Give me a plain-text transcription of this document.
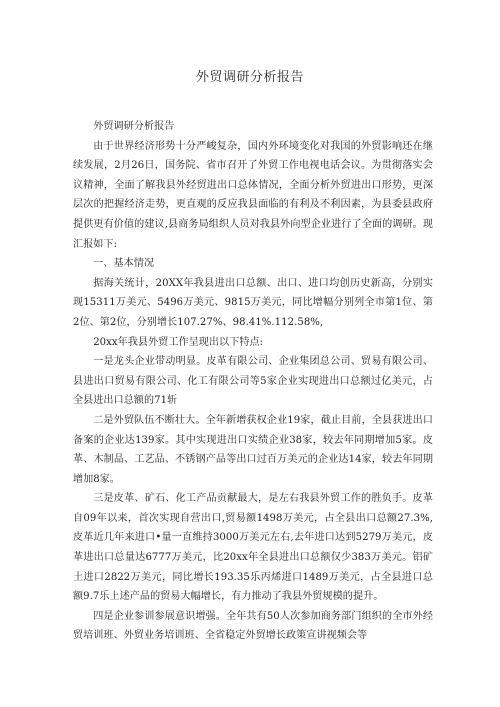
外贸调研分析报告

外贸调研分析报告

由于世界经济形势十分严峻复杂，国内外环境变化对我国的外贸影响还在继续发展，2月26日，国务院、省市召开了外贸工作电视电话会议。为贯彻落实会议精神，全面了解我县外经贸进出口总体情况，全面分析外贸进出口形势，更深层次的把握经济走势，更直观的反应我县面临的有利及不利因素，为县委县政府提供更有价值的建议,县商务局组织人员对我县外向型企业进行了全面的调研。现汇报如下:

一、基本情况

据海关统计，20XX年我县进出口总额、出口、进口均创历史新高，分别实现15311万美元、5496万美元、9815万美元，同比增幅分别列全市第1位、第2位、第2位，分别增长107.27%、98.41%.112.58%,

20xx年我县外贸工作呈现出以下特点:

一是龙头企业带动明显。皮革有限公司、企业集团总公司、贸易有限公司、县进出口贸易有限公司、化工有限公司等5家企业实现进出口总额过亿美元，占全县进出口总额的71斩

二是外贸队伍不断壮大。全年新增获权企业19家，截止目前，全县获进出口备案的企业达139家。其中实现进出口实绩企业38家，较去年同期增加5家。皮革、木制品、工艺品、不锈钢产品等出口过百万美元的企业达14家，较去年同期增加8家。

三是皮革、矿石、化工产品贡献最大，是左右我县外贸工作的胜负手。皮革自09年以来，首次实现自营出口,贸易额1498万美元，占全县出口总额27.3%,皮革近几年来进口•量一直维持3000万美元左右,去年进口达到5279万美元，皮革进出口总量达6777万美元，比20xx年全县进出口总额仅少383万美元。铝矿土进口2822万美元，同比增长193.35乐丙烯进口1489万美元，占全县进口总额9.7乐上述产品的贸易大幅增长，有力推动了我县外贸规模的提升。

四是企业参训参展意识增强。全年共有50人次参加商务部门组织的全市外经贸培训班、外贸业务培训班、全省稳定外贸增长政策宣讲视频会等
